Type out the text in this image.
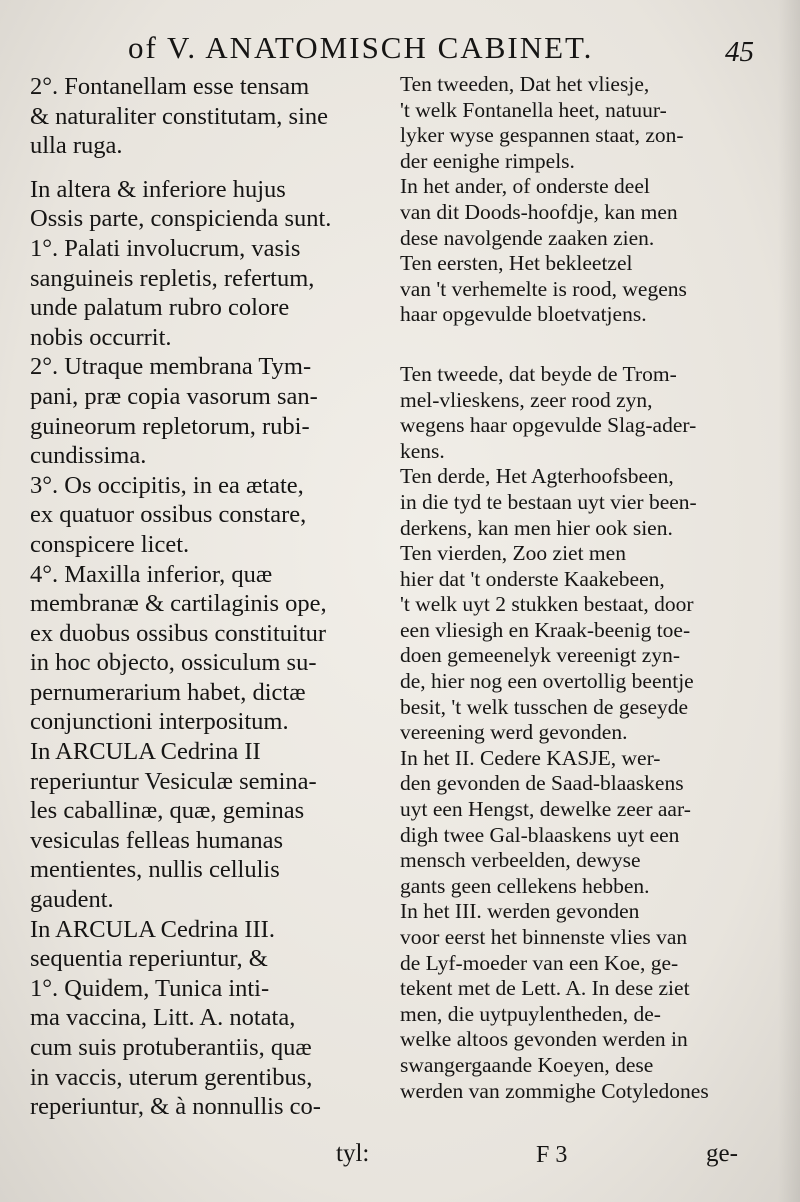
of V. ANATOMISCH CABINET.	45

2°. Fontanellam esse tensam
& naturaliter constitutam, sine
ulla ruga.

In altera & inferiore hujus
Ossis parte, conspicienda sunt.

1°. Palati involucrum, vasis
sanguineis repletis, refertum,
unde palatum rubro colore
nobis occurrit.

2°. Utraque membrana Tym-
pani, præ copia vasorum san-
guineorum repletorum, rubi-
cundissima.

3°. Os occipitis, in ea ætate,
ex quatuor ossibus constare,
conspicere licet.

4°. Maxilla inferior, quæ
membranæ & cartilaginis ope,
ex duobus ossibus constituitur
in hoc objecto, ossiculum su-
pernumerarium habet, dictæ
conjunctioni interpositum.

In ARCULA Cedrina II
reperiuntur Vesiculæ semina-
les caballinæ, quæ, geminas
vesiculas felleas humanas
mentientes, nullis cellulis
gaudent.

In ARCULA Cedrina III.
sequentia reperiuntur, &

1°. Quidem, Tunica inti-
ma vaccina, Litt. A. notata,
cum suis protuberantiis, quæ
in vaccis, uterum gerentibus,
reperiuntur, & à nonnullis co-

Ten tweeden, Dat het vliesje,
't welk Fontanella heet, natuur-
lyker wyse gespannen staat, zon-
der eenighe rimpels.

In het ander, of onderste deel
van dit Doods-hoofdje, kan men
dese navolgende zaaken zien.

Ten eersten, Het bekleetzel
van 't verhemelte is rood, wegens
haar opgevulde bloetvatjens.

Ten tweede, dat beyde de Trom-
mel-vlieskens, zeer rood zyn,
wegens haar opgevulde Slag-ader-
kens.

Ten derde, Het Agterhoofsbeen,
in die tyd te bestaan uyt vier been-
derkens, kan men hier ook sien.

Ten vierden, Zoo ziet men
hier dat 't onderste Kaakebeen,
't welk uyt 2 stukken bestaat, door
een vliesigh en Kraak-beenig toe-
doen gemeenelyk vereenigt zyn-
de, hier nog een overtollig beentje
besit, 't welk tusschen de geseyde
vereening werd gevonden.

In het II. Cedere KASJE, wer-
den gevonden de Saad-blaaskens
uyt een Hengst, dewelke zeer aar-
digh twee Gal-blaaskens uyt een
mensch verbeelden, dewyse
gants geen cellekens hebben.

In het III. werden gevonden
voor eerst het binnenste vlies van
de Lyf-moeder van een Koe, ge-
tekent met de Lett. A. In dese ziet
men, die uytpuylentheden, de-
welke altoos gevonden werden in
swangergaande Koeyen, dese
werden van zommighe Cotyledones

tyl:	F 3	ge-
